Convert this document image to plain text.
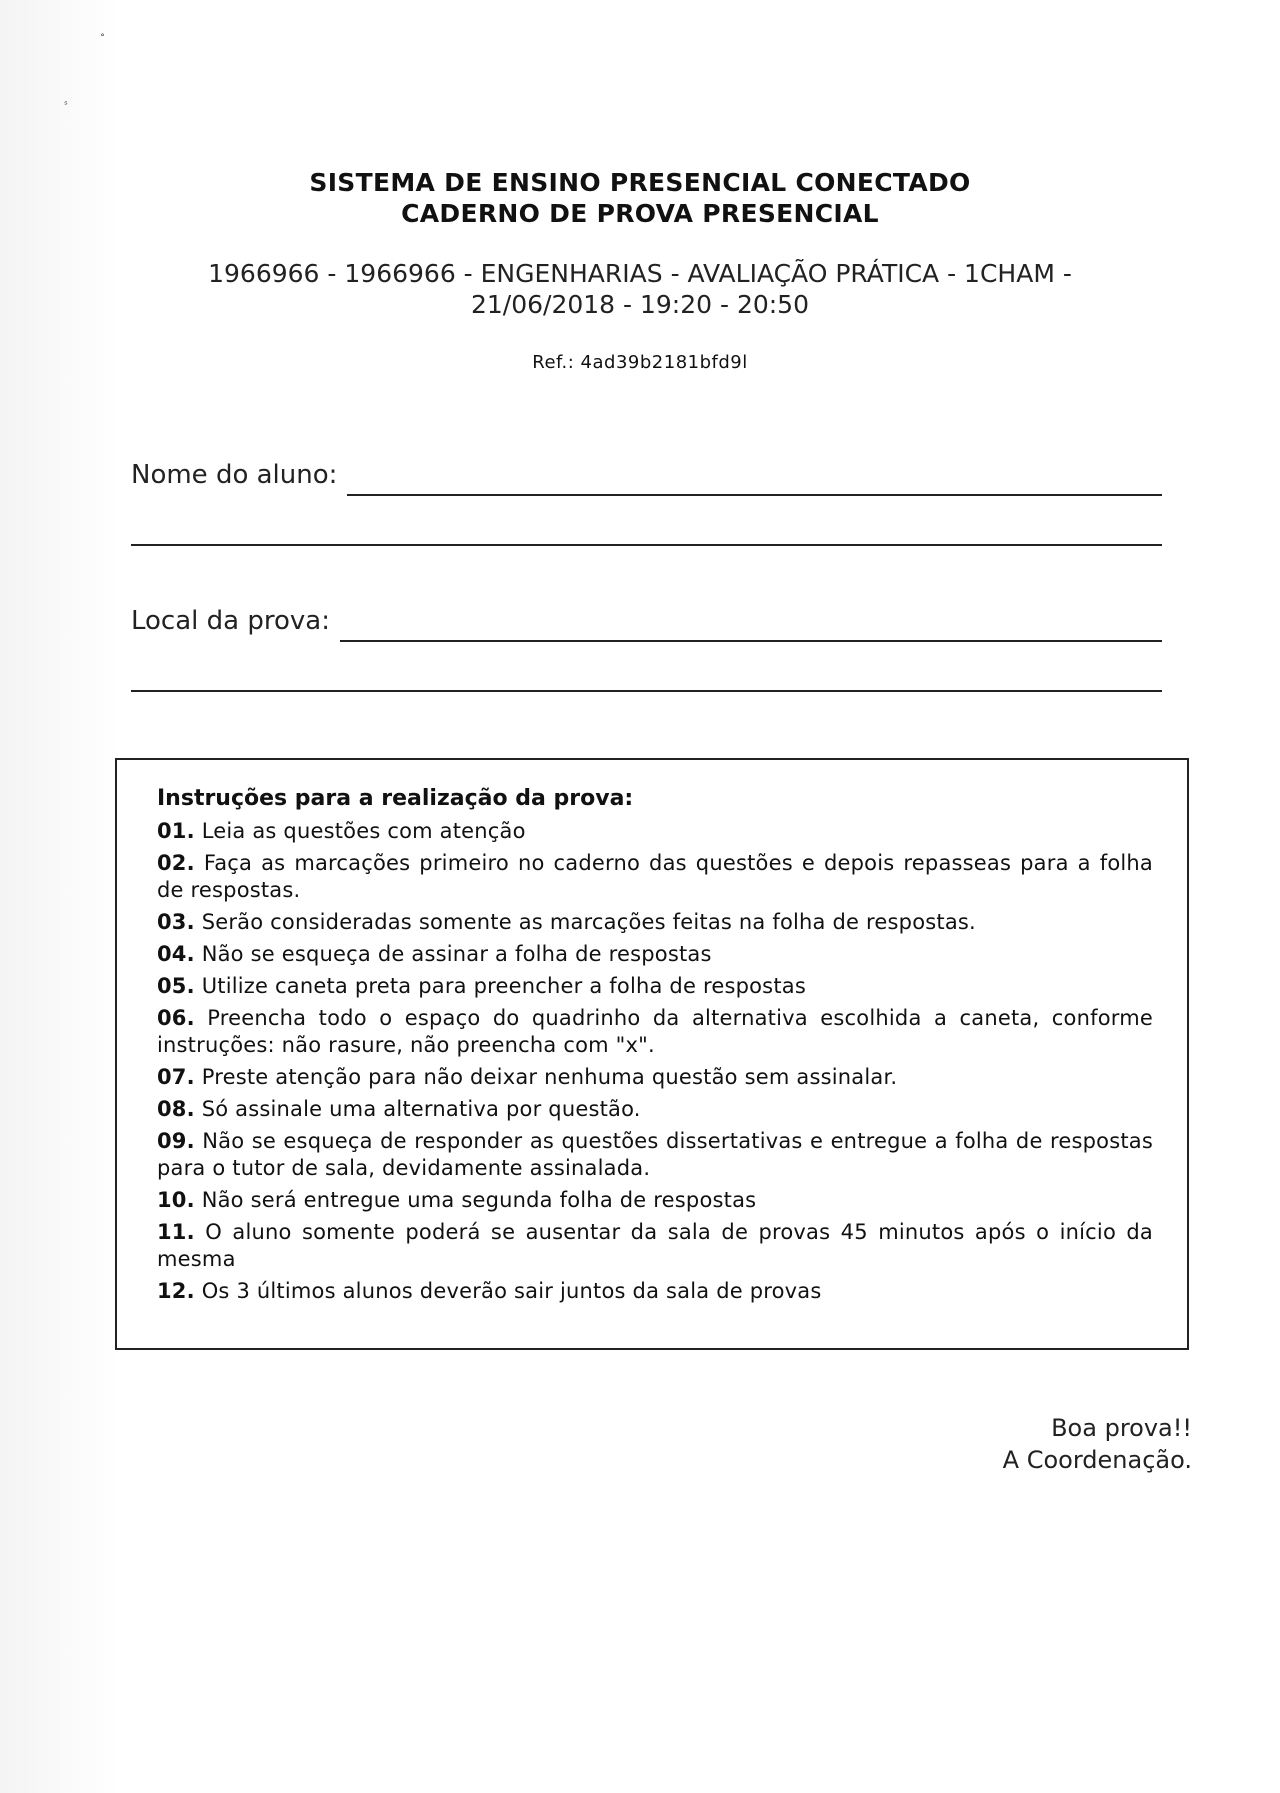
˚
ˢ
SISTEMA DE ENSINO PRESENCIAL CONECTADO
CADERNO DE PROVA PRESENCIAL
1966966 - 1966966 - ENGENHARIAS - AVALIAÇÃO PRÁTICA - 1CHAM -
21/06/2018 - 19:20 - 20:50
Ref.: 4ad39b2181bfd9l
Nome do aluno:
Local da prova:
Instruções para a realização da prova:
01. Leia as questões com atenção
02. Faça as marcações primeiro no caderno das questões e depois repasseas para a folha de respostas.
03. Serão consideradas somente as marcações feitas na folha de respostas.
04. Não se esqueça de assinar a folha de respostas
05. Utilize caneta preta para preencher a folha de respostas
06. Preencha todo o espaço do quadrinho da alternativa escolhida a caneta, conforme instruções: não rasure, não preencha com "x".
07. Preste atenção para não deixar nenhuma questão sem assinalar.
08. Só assinale uma alternativa por questão.
09. Não se esqueça de responder as questões dissertativas e entregue a folha de respostas para o tutor de sala, devidamente assinalada.
10. Não será entregue uma segunda folha de respostas
11. O aluno somente poderá se ausentar da sala de provas 45 minutos após o início da mesma
12. Os 3 últimos alunos deverão sair juntos da sala de provas
Boa prova!!
A Coordenação.
